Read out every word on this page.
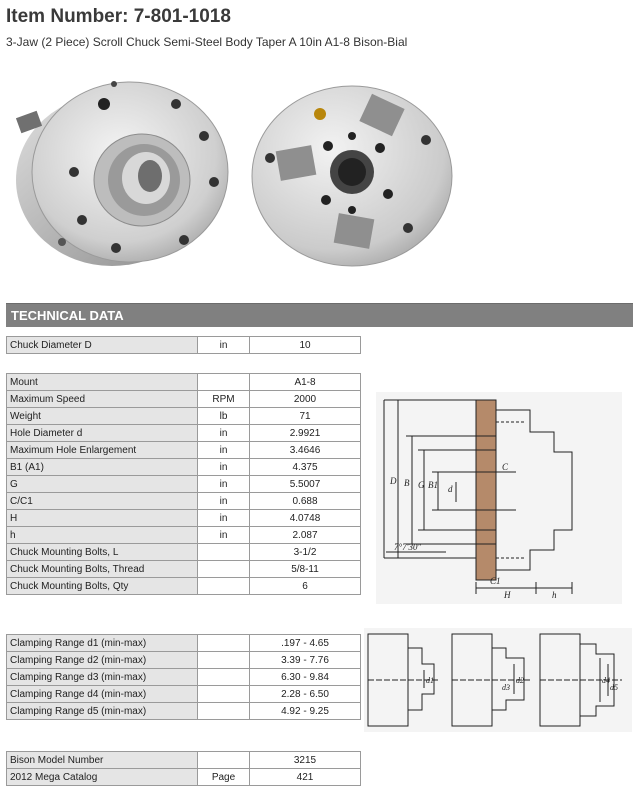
Item Number: 7-801-1018
3-Jaw (2 Piece) Scroll Chuck Semi-Steel Body Taper A 10in A1-8 Bison-Bial
TECHNICAL DATA
Chuck Diameter D	in	10
Mount		A1-8
Maximum Speed	RPM	2000
Weight	lb	71
Hole Diameter d	in	2.9921
Maximum Hole Enlargement	in	3.4646
B1 (A1)	in	4.375
G	in	5.5007
C/C1	in	0.688
H	in	4.0748
h	in	2.087
Chuck Mounting Bolts, L		3-1/2
Chuck Mounting Bolts, Thread		5/8-11
Chuck Mounting Bolts, Qty		6
Clamping Range d1 (min-max)		.197 - 4.65
Clamping Range d2 (min-max)		3.39 - 7.76
Clamping Range d3 (min-max)		6.30 - 9.84
Clamping Range d4 (min-max)		2.28 - 6.50
Clamping Range d5 (min-max)		4.92 - 9.25
Bison Model Number		3215
2012 Mega Catalog	Page	421
D B G B1 d
C
C1
H	h
7°7'30"
d1	d2
d3
d4
d5
